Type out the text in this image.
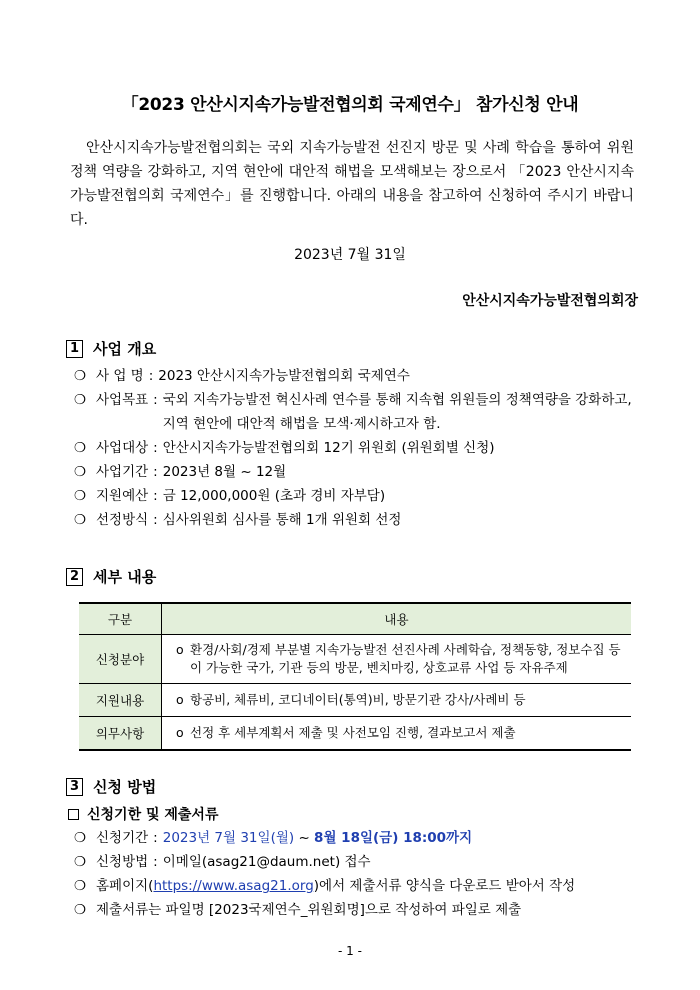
「2023 안산시지속가능발전협의회 국제연수」 참가신청 안내
안산시지속가능발전협의회는 국외 지속가능발전 선진지 방문 및 사례 학습을 통하여 위원 정책 역량을 강화하고, 지역 현안에 대안적 해법을 모색해보는 장으로서 「2023 안산시지속가능발전협의회 국제연수」를 진행합니다. 아래의 내용을 참고하여 신청하여 주시기 바랍니다.
2023년 7월 31일
안산시지속가능발전협의회장
1 사업 개요
❍ 사 업 명 : 2023 안산시지속가능발전협의회 국제연수
❍ 사업목표 : 국외 지속가능발전 혁신사례 연수를 통해 지속협 위원들의 정책역량을 강화하고, 지역 현안에 대안적 해법을 모색·제시하고자 함.
❍ 사업대상 : 안산시지속가능발전협의회 12기 위원회 (위원회별 신청)
❍ 사업기간 : 2023년 8월 ~ 12월
❍ 지원예산 : 금 12,000,000원 (초과 경비 자부담)
❍ 선정방식 : 심사위원회 심사를 통해 1개 위원회 선정
2 세부 내용
구분	내용
신청분야	o 환경/사회/경제 부분별 지속가능발전 선진사례 사례학습, 정책동향, 정보수집 등이 가능한 국가, 기관 등의 방문, 벤치마킹, 상호교류 사업 등 자유주제

지원내용	o 항공비, 체류비, 코디네이터(통역)비, 방문기관 강사/사례비 등

의무사항	o 선정 후 세부계획서 제출 및 사전모임 진행, 결과보고서 제출
3 신청 방법
신청기한 및 제출서류
❍ 신청기간 : 2023년 7월 31일(월) ~ 8월 18일(금) 18:00까지
❍ 신청방법 : 이메일(asag21@daum.net) 접수
❍ 홈페이지(https://www.asag21.org)에서 제출서류 양식을 다운로드 받아서 작성
❍ 제출서류는 파일명 [2023국제연수_위원회명]으로 작성하여 파일로 제출
- 1 -
